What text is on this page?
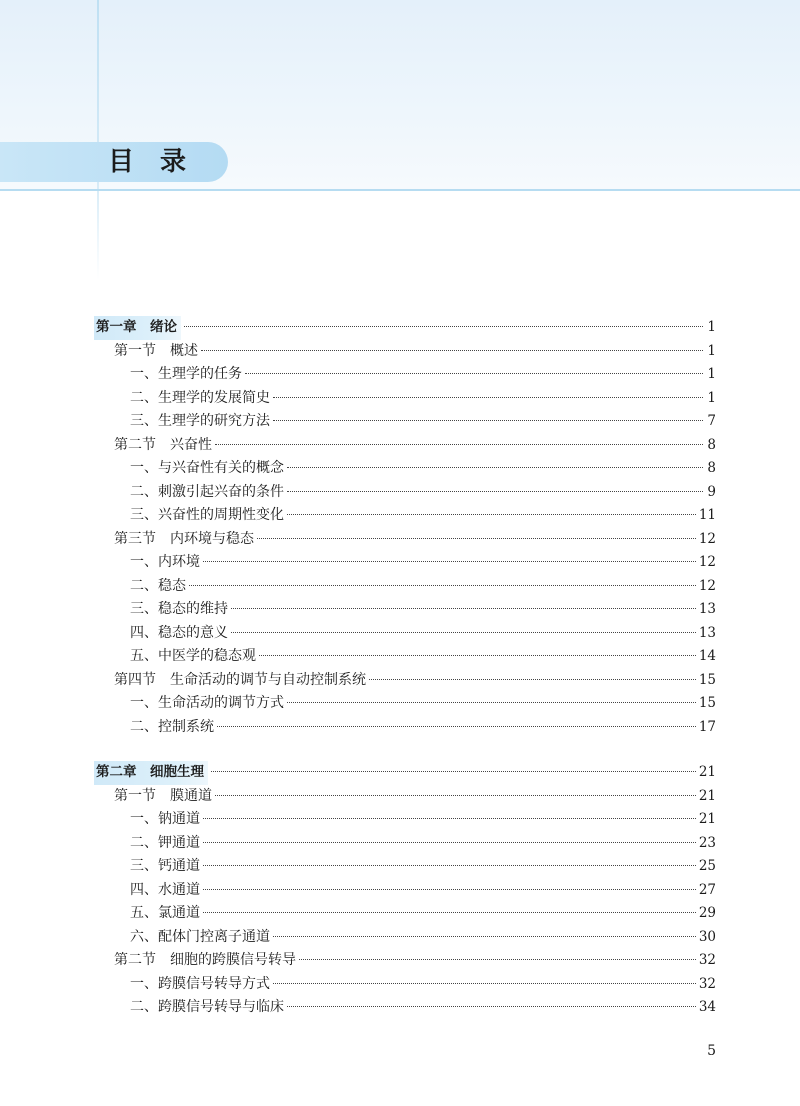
目　录
第一章　绪论	1
第一节　概述	1
一、生理学的任务	1
二、生理学的发展简史	1
三、生理学的研究方法	7
第二节　兴奋性	8
一、与兴奋性有关的概念	8
二、刺激引起兴奋的条件	9
三、兴奋性的周期性变化	11
第三节　内环境与稳态	12
一、内环境	12
二、稳态	12
三、稳态的维持	13
四、稳态的意义	13
五、中医学的稳态观	14
第四节　生命活动的调节与自动控制系统	15
一、生命活动的调节方式	15
二、控制系统	17
第二章　细胞生理	21
第一节　膜通道	21
一、钠通道	21
二、钾通道	23
三、钙通道	25
四、水通道	27
五、氯通道	29
六、配体门控离子通道	30
第二节　细胞的跨膜信号转导	32
一、跨膜信号转导方式	32
二、跨膜信号转导与临床	34
5
